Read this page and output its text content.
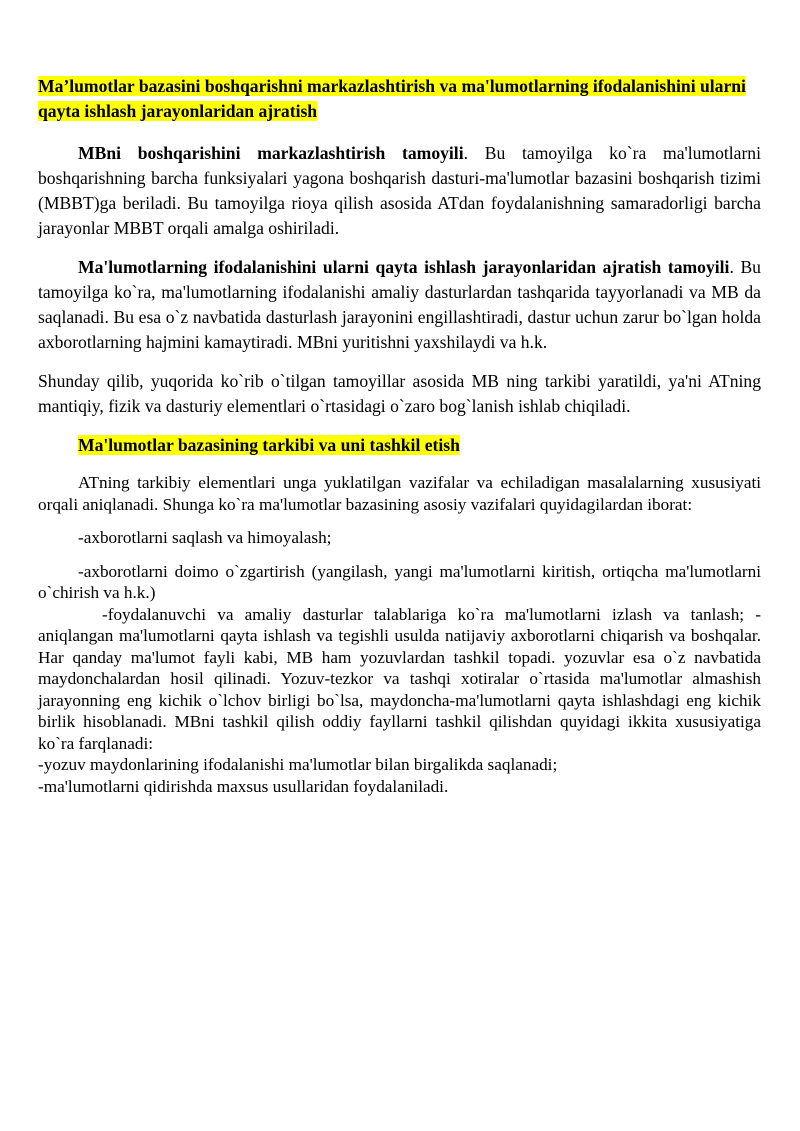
Ma’lumotlar bazasini boshqarishni markazlashtirish va ma'lumotlarning ifodalanishini ularni qayta ishlash jarayonlaridan ajratish

MBni boshqarishini markazlashtirish tamoyili. Bu tamoyilga ko`ra ma'lumotlarni boshqarishning barcha funksiyalari yagona boshqarish dasturi-ma'lumotlar bazasini boshqarish tizimi (MBBT)ga beriladi. Bu tamoyilga rioya qilish asosida ATdan foydalanishning samaradorligi barcha jarayonlar MBBT orqali amalga oshiriladi.

Ma'lumotlarning ifodalanishini ularni qayta ishlash jarayonlaridan ajratish tamoyili. Bu tamoyilga ko`ra, ma'lumotlarning ifodalanishi amaliy dasturlardan tashqarida tayyorlanadi va MB da saqlanadi. Bu esa o`z navbatida dasturlash jarayonini engillashtiradi, dastur uchun zarur bo`lgan holda axborotlarning hajmini kamaytiradi. MBni yuritishni yaxshilaydi va h.k.

Shunday qilib, yuqorida ko`rib o`tilgan tamoyillar asosida MB ning tarkibi yaratildi, ya'ni ATning mantiqiy, fizik va dasturiy elementlari o`rtasidagi o`zaro bog`lanish ishlab chiqiladi.

Ma'lumotlar bazasining tarkibi va uni tashkil etish

ATning tarkibiy elementlari unga yuklatilgan vazifalar va echiladigan masalalarning xususiyati orqali aniqlanadi. Shunga ko`ra ma'lumotlar bazasining asosiy vazifalari quyidagilardan iborat:

-axborotlarni saqlash va himoyalash;

-axborotlarni doimo o`zgartirish (yangilash, yangi ma'lumotlarni kiritish, ortiqcha ma'lumotlarni o`chirish va h.k.)

-foydalanuvchi va amaliy dasturlar talablariga ko`ra ma'lumotlarni izlash va tanlash; -aniqlangan ma'lumotlarni qayta ishlash va tegishli usulda natijaviy axborotlarni chiqarish va boshqalar. Har qanday ma'lumot fayli kabi, MB ham yozuvlardan tashkil topadi. yozuvlar esa o`z navbatida maydonchalardan hosil qilinadi. Yozuv-tezkor va tashqi xotiralar o`rtasida ma'lumotlar almashish jarayonning eng kichik o`lchov birligi bo`lsa, maydoncha-ma'lumotlarni qayta ishlashdagi eng kichik birlik hisoblanadi. MBni tashkil qilish oddiy fayllarni tashkil qilishdan quyidagi ikkita xususiyatiga ko`ra farqlanadi:

-yozuv maydonlarining ifodalanishi ma'lumotlar bilan birgalikda saqlanadi;

-ma'lumotlarni qidirishda maxsus usullaridan foydalaniladi.
